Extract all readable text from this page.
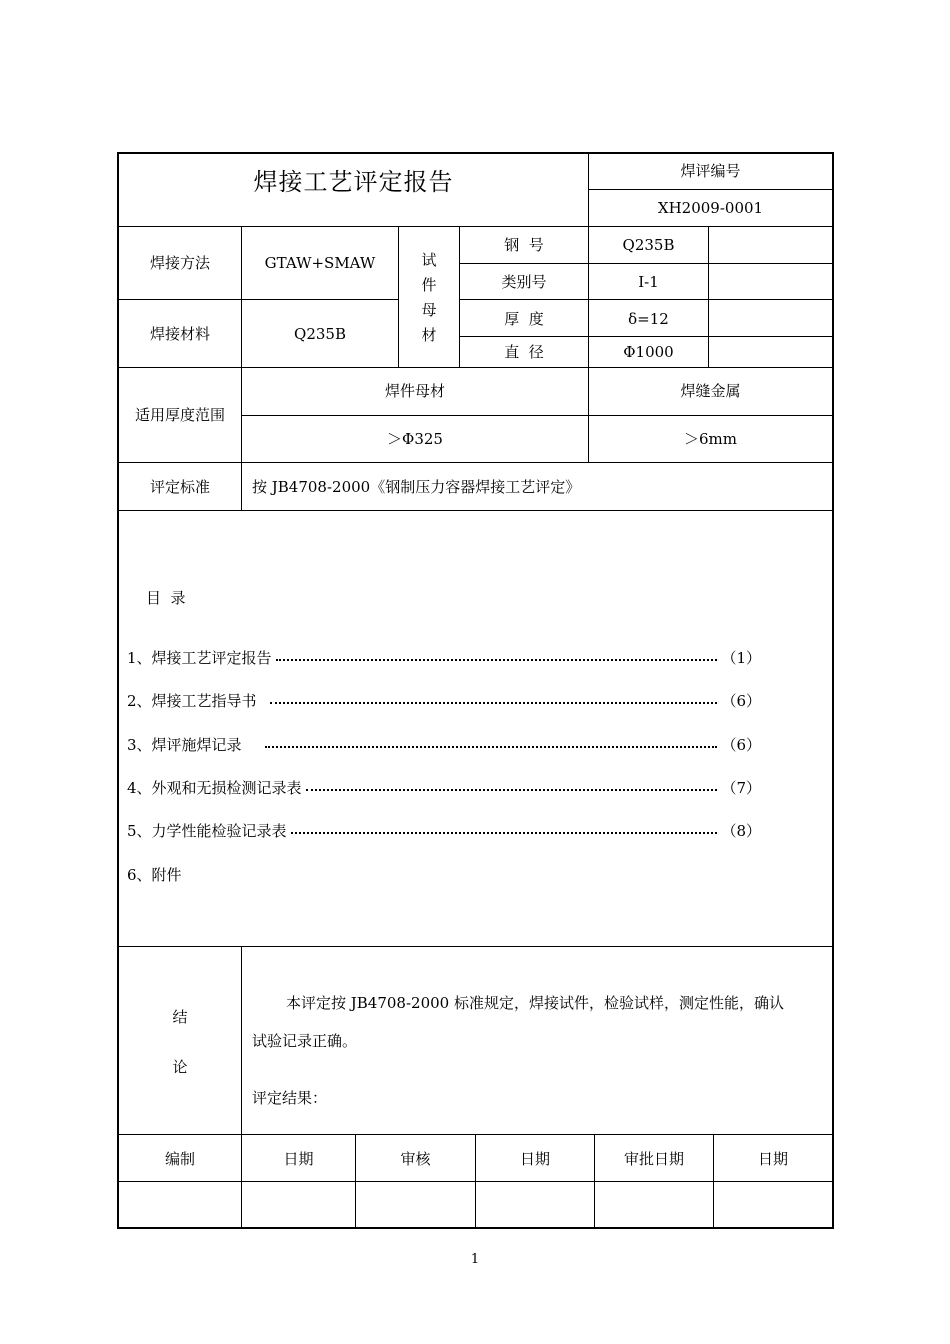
焊接工艺评定报告	焊评编号
XH2009-0001
焊接方法	GTAW+SMAW
焊接材料	Q235B
试
件
母
材
钢  号	Q235B
类别号	I-1
厚  度	δ=12
直  径	Φ1000
适用厚度范围
焊件母材	焊缝金属
＞Φ325	＞6mm
评定标准	按 JB4708-2000《钢制压力容器焊接工艺评定》
目  录
1、焊接工艺评定报告	（1）
2、焊接工艺指导书	（6）
3、焊评施焊记录	（6）
4、外观和无损检测记录表	（7）
5、力学性能检验记录表	（8）
6、附件
结
论
本评定按 JB4708-2000 标准规定，焊接试件，检验试样，测定性能，确认
试验记录正确。
评定结果：
编制	日期	审核	日期	审批日期	日期
1
